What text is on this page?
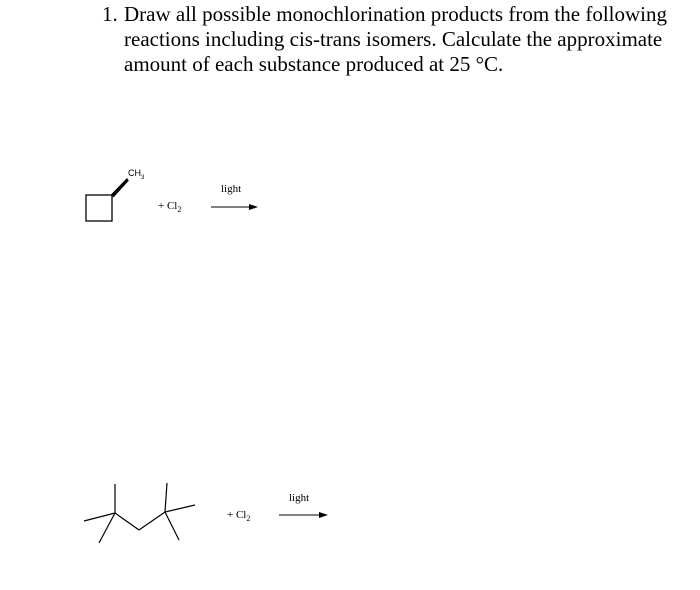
1. Draw all possible monochlorination products from the following reactions including cis-trans isomers. Calculate the approximate amount of each substance produced at 25 °C.
$CH_3$
+ $Cl_2$
light
+ $Cl_2$
light
